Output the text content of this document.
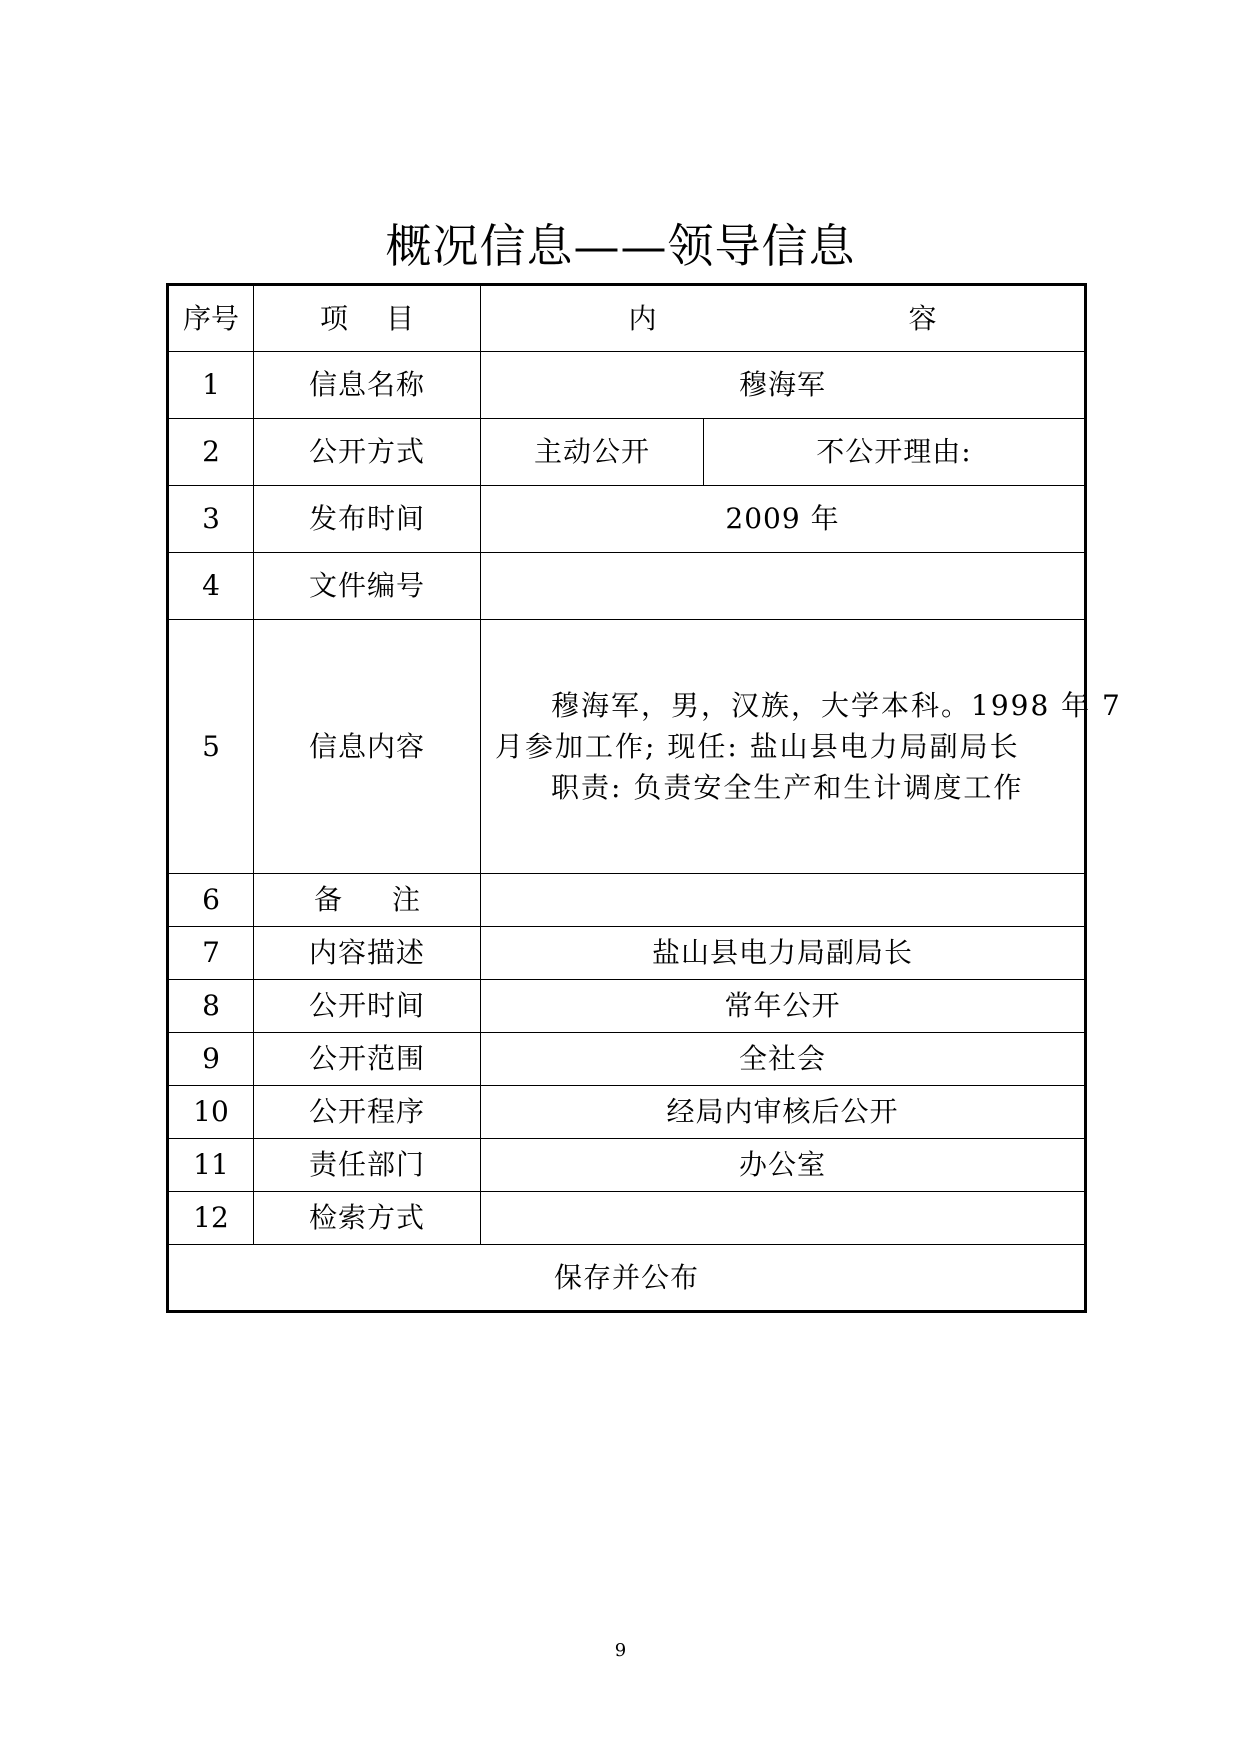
概况信息——领导信息
序号	项 目	内 容	
1	信息名称	穆海军	
2	公开方式	主动公开	不公开理由:
3	发布时间	2009 年	
4	文件编号		
5	信息内容	穆海军，男，汉族，大学本科。1998 年 7
月参加工作; 现任: 盐山县电力局副局长
职责: 负责安全生产和生计调度工作	

6	备 注		
7	内容描述	盐山县电力局副局长	
8	公开时间	常年公开	
9	公开范围	全社会	
10	公开程序	经局内审核后公开	
11	责任部门	办公室	
12	检索方式		
保存并公布			
9
